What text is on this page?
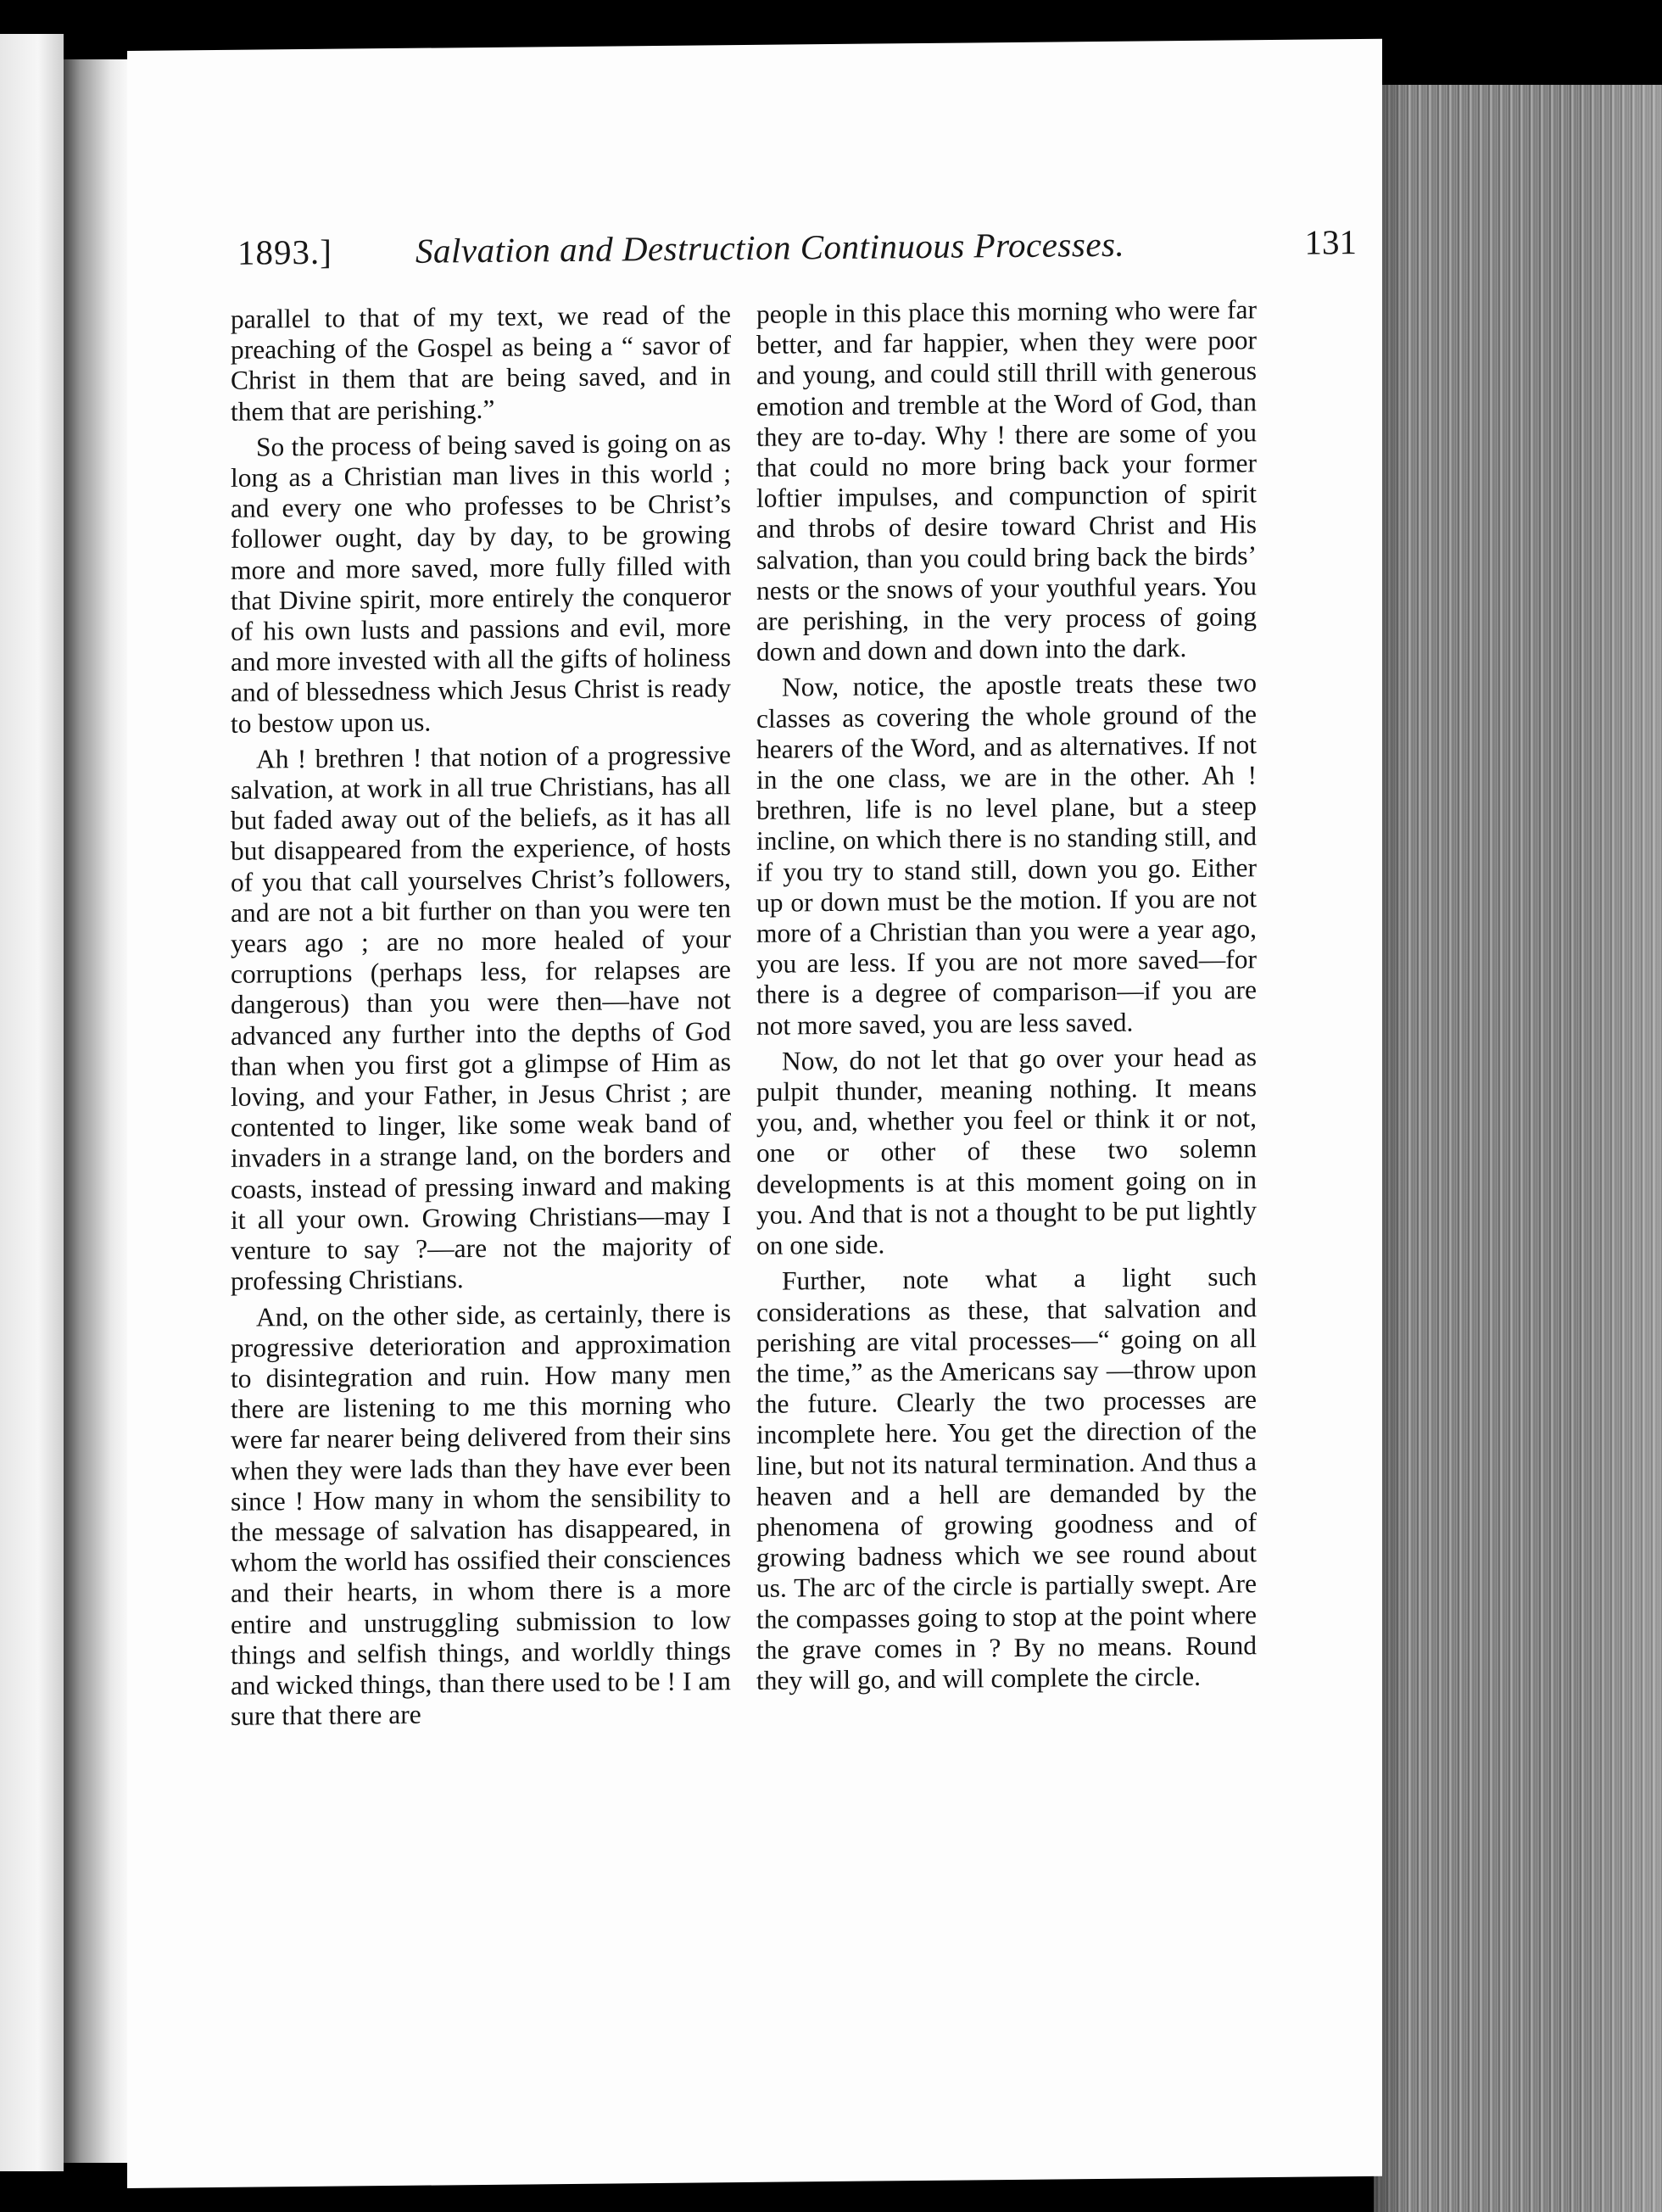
1893.] Salvation and Destruction Continuous Processes.	131

parallel to that of my text, we read of the preaching of the Gospel as being a “ savor of Christ in them that are being saved, and in them that are perishing.”

So the process of being saved is going on as long as a Christian man lives in this world ; and every one who professes to be Christ’s follower ought, day by day, to be growing more and more saved, more fully filled with that Divine spirit, more entirely the conqueror of his own lusts and passions and evil, more and more invested with all the gifts of holiness and of blessedness which Jesus Christ is ready to bestow upon us.

Ah ! brethren ! that notion of a progressive salvation, at work in all true Christians, has all but faded away out of the beliefs, as it has all but disappeared from the experience, of hosts of you that call yourselves Christ’s followers, and are not a bit further on than you were ten years ago ; are no more healed of your corruptions (perhaps less, for relapses are dangerous) than you were then—have not advanced any further into the depths of God than when you first got a glimpse of Him as loving, and your Father, in Jesus Christ ; are contented to linger, like some weak band of invaders in a strange land, on the borders and coasts, instead of pressing inward and making it all your own. Growing Christians—may I venture to say ?—are not the majority of professing Christians.

And, on the other side, as certainly, there is progressive deterioration and approximation to disintegration and ruin. How many men there are listening to me this morning who were far nearer being delivered from their sins when they were lads than they have ever been since ! How many in whom the sensibility to the message of salvation has disappeared, in whom the world has ossified their consciences and their hearts, in whom there is a more entire and unstruggling submission to low things and selfish things, and worldly things and wicked things, than there used to be ! I am sure that there are

people in this place this morning who were far better, and far happier, when they were poor and young, and could still thrill with generous emotion and tremble at the Word of God, than they are to-day. Why ! there are some of you that could no more bring back your former loftier impulses, and compunction of spirit and throbs of desire toward Christ and His salvation, than you could bring back the birds’ nests or the snows of your youthful years. You are perishing, in the very process of going down and down and down into the dark.

Now, notice, the apostle treats these two classes as covering the whole ground of the hearers of the Word, and as alternatives. If not in the one class, we are in the other. Ah ! brethren, life is no level plane, but a steep incline, on which there is no standing still, and if you try to stand still, down you go. Either up or down must be the motion. If you are not more of a Christian than you were a year ago, you are less. If you are not more saved—for there is a degree of comparison—if you are not more saved, you are less saved.

Now, do not let that go over your head as pulpit thunder, meaning nothing. It means you, and, whether you feel or think it or not, one or other of these two solemn developments is at this moment going on in you. And that is not a thought to be put lightly on one side.

Further, note what a light such considerations as these, that salvation and perishing are vital processes—“ going on all the time,” as the Americans say —throw upon the future. Clearly the two processes are incomplete here. You get the direction of the line, but not its natural termination. And thus a heaven and a hell are demanded by the phenomena of growing goodness and of growing badness which we see round about us. The arc of the circle is partially swept. Are the compasses going to stop at the point where the grave comes in ? By no means. Round they will go, and will complete the circle.
